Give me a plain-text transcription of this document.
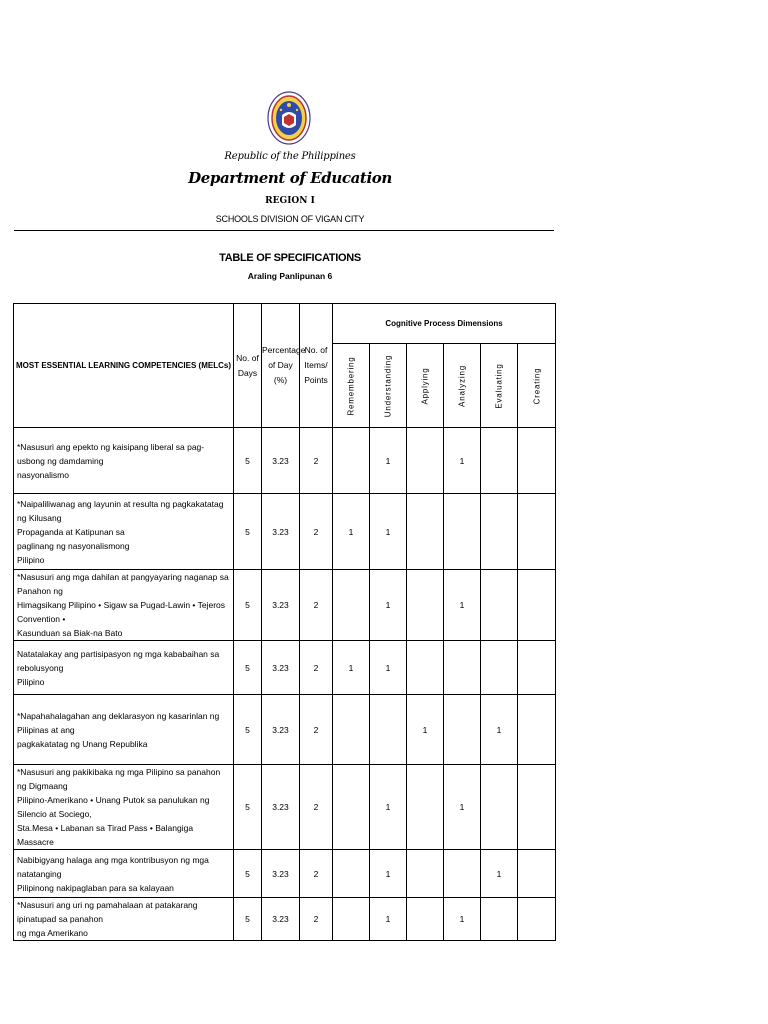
Republic of the Philippines
Department of Education
REGION I
SCHOOLS DIVISION OF VIGAN CITY
TABLE OF SPECIFICATIONS
Araling Panlipunan 6
MOST ESSENTIAL LEARNING COMPETENCIES (MELCs)	No. of Days	Percentage of Day (%)	No. of Items/ Points	Cognitive Process Dimensions					

				Remembering	Understanding	Applying	Analyzing	Evaluating	Creating

*Nasusuri ang epekto ng kaisipang liberal sa pag-usbong ng damdaming
nasyonalismo	5	3.23	2		1		1		

*Naipaliliwanag ang layunin at resulta ng pagkakatatag ng Kilusang
Propaganda at Katipunan sa
paglinang ng nasyonalismong
Pilipino	5	3.23	2	1	1				

*Nasusuri ang mga dahilan at pangyayaring naganap sa Panahon ng
Himagsikang Pilipino • Sigaw sa Pugad-Lawin • Tejeros Convention •
Kasunduan sa Biak-na Bato	5	3.23	2		1		1		

Natatalakay ang partisipasyon ng mga kababaihan sa rebolusyong
Pilipino	5	3.23	2	1	1				

*Napahahalagahan ang deklarasyon ng kasarinlan ng Pilipinas at ang
pagkakatatag ng Unang Republika	5	3.23	2			1		1	

*Nasusuri ang pakikibaka ng mga Pilipino sa panahon ng Digmaang
Pilipino-Amerikano • Unang Putok sa panulukan ng Silencio at Sociego,
Sta.Mesa • Labanan sa Tirad Pass • Balangiga Massacre	5	3.23	2		1		1		

Nabibigyang halaga ang mga kontribusyon ng mga natatanging
Pilipinong nakipaglaban para sa kalayaan	5	3.23	2		1			1	

*Nasusuri ang uri ng pamahalaan at patakarang ipinatupad sa panahon
ng mga Amerikano	5	3.23	2		1		1		
